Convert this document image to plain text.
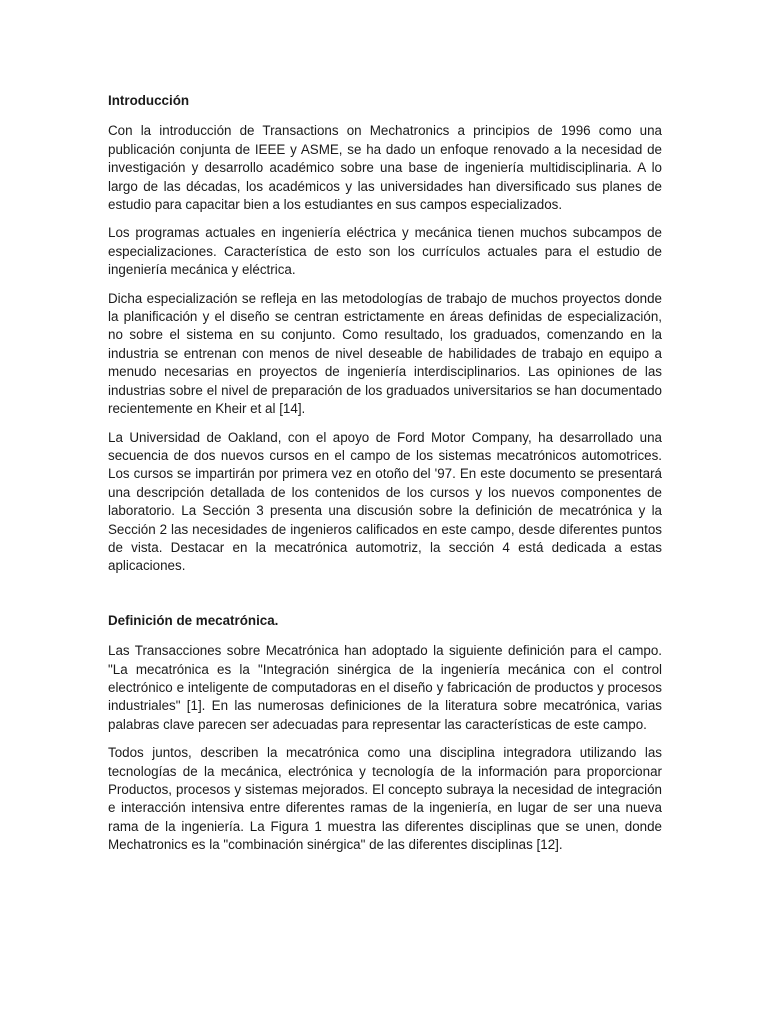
Introducción

Con la introducción de Transactions on Mechatronics a principios de 1996 como una publicación conjunta de IEEE y ASME, se ha dado un enfoque renovado a la necesidad de investigación y desarrollo académico sobre una base de ingeniería multidisciplinaria. A lo largo de las décadas, los académicos y las universidades han diversificado sus planes de estudio para capacitar bien a los estudiantes en sus campos especializados.

Los programas actuales en ingeniería eléctrica y mecánica tienen muchos subcampos de especializaciones. Característica de esto son los currículos actuales para el estudio de ingeniería mecánica y eléctrica.

Dicha especialización se refleja en las metodologías de trabajo de muchos proyectos donde la planificación y el diseño se centran estrictamente en áreas definidas de especialización, no sobre el sistema en su conjunto. Como resultado, los graduados, comenzando en la industria se entrenan con menos de nivel deseable de habilidades de trabajo en equipo a menudo necesarias en proyectos de ingeniería interdisciplinarios. Las opiniones de las industrias sobre el nivel de preparación de los graduados universitarios se han documentado recientemente en Kheir et al [14].

La Universidad de Oakland, con el apoyo de Ford Motor Company, ha desarrollado una secuencia de dos nuevos cursos en el campo de los sistemas mecatrónicos automotrices. Los cursos se impartirán por primera vez en otoño del '97. En este documento se presentará una descripción detallada de los contenidos de los cursos y los nuevos componentes de laboratorio. La Sección 3 presenta una discusión sobre la definición de mecatrónica y la Sección 2 las necesidades de ingenieros calificados en este campo, desde diferentes puntos de vista. Destacar en la mecatrónica automotriz, la sección 4 está dedicada a estas aplicaciones.

Definición de mecatrónica.

Las Transacciones sobre Mecatrónica han adoptado la siguiente definición para el campo. "La mecatrónica es la "Integración sinérgica de la ingeniería mecánica con el control electrónico e inteligente de computadoras en el diseño y fabricación de productos y procesos industriales" [1]. En las numerosas definiciones de la literatura sobre mecatrónica, varias palabras clave parecen ser adecuadas para representar las características de este campo.

Todos juntos, describen la mecatrónica como una disciplina integradora utilizando las tecnologías de la mecánica, electrónica y tecnología de la información para proporcionar Productos, procesos y sistemas mejorados. El concepto subraya la necesidad de integración e interacción intensiva entre diferentes ramas de la ingeniería, en lugar de ser una nueva rama de la ingeniería. La Figura 1 muestra las diferentes disciplinas que se unen, donde Mechatronics es la "combinación sinérgica" de las diferentes disciplinas [12].
